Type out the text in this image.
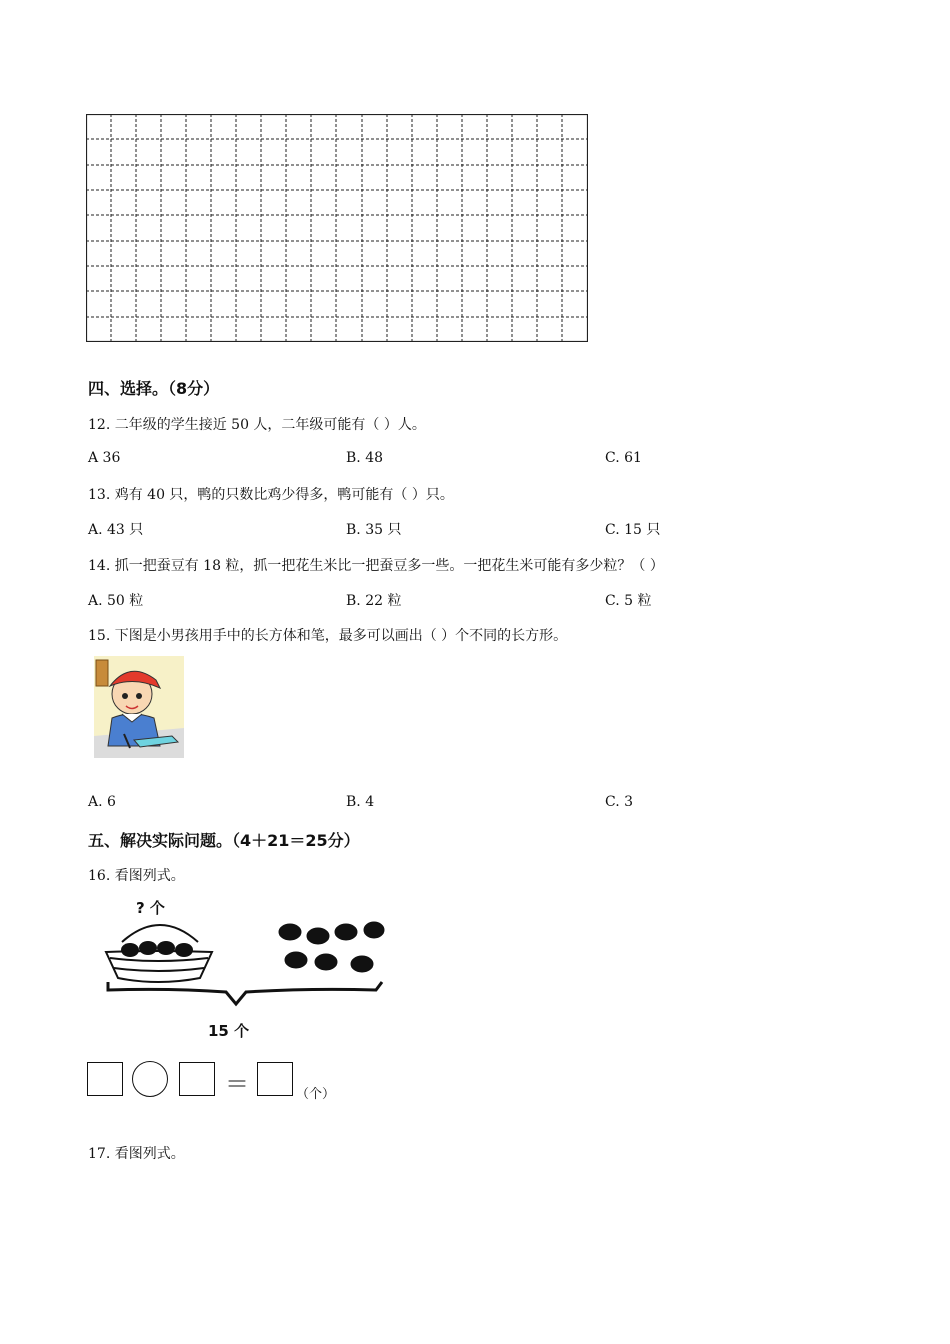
四、选择。（8分）
12. 二年级的学生接近 50 人，二年级可能有（ ）人。
A 36	B. 48	C. 61
13. 鸡有 40 只，鸭的只数比鸡少得多，鸭可能有（ ）只。
A. 43 只	B. 35 只	C. 15 只
14. 抓一把蚕豆有 18 粒，抓一把花生米比一把蚕豆多一些。一把花生米可能有多少粒？（ ）
A. 50 粒	B. 22 粒	C. 5 粒
15. 下图是小男孩用手中的长方体和笔，最多可以画出（ ）个不同的长方形。
A. 6	B. 4	C. 3
五、解决实际问题。（4＋21＝25分）
16. 看图列式。
? 个
15 个
＝	（个）
17. 看图列式。
